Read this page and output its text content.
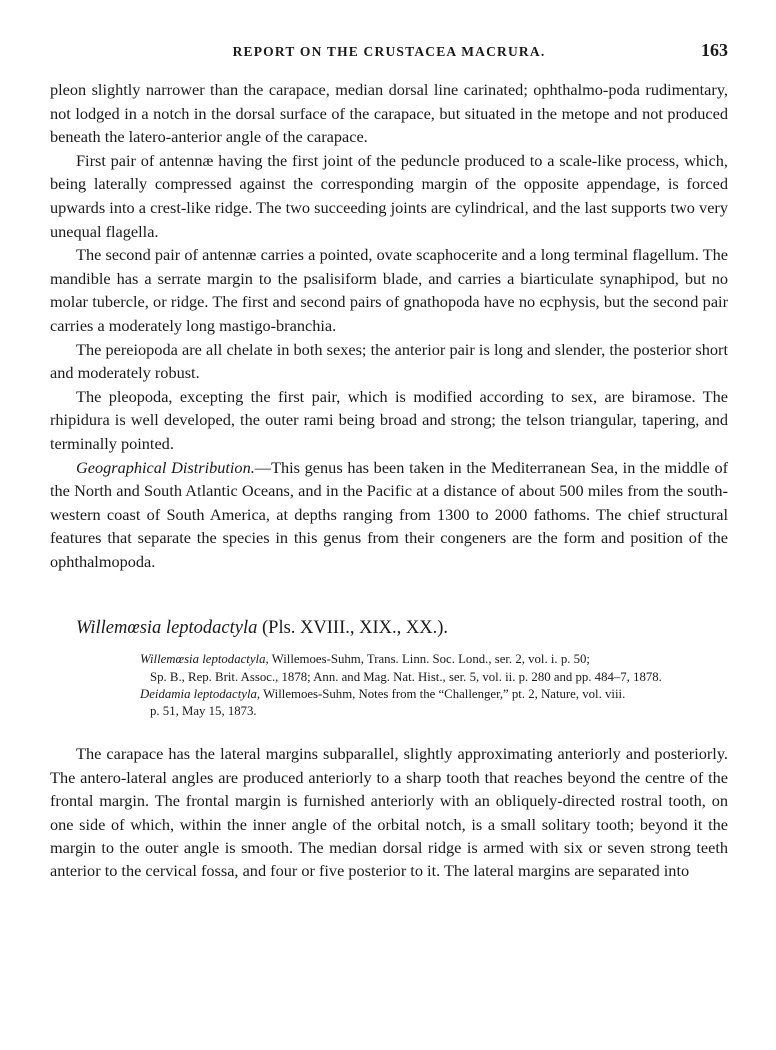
REPORT ON THE CRUSTACEA MACRURA.	163

pleon slightly narrower than the carapace, median dorsal line carinated; ophthalmo-poda rudimentary, not lodged in a notch in the dorsal surface of the carapace, but situated in the metope and not produced beneath the latero-anterior angle of the carapace.

First pair of antennæ having the first joint of the peduncle produced to a scale-like process, which, being laterally compressed against the corresponding margin of the opposite appendage, is forced upwards into a crest-like ridge. The two succeeding joints are cylindrical, and the last supports two very unequal flagella.

The second pair of antennæ carries a pointed, ovate scaphocerite and a long terminal flagellum. The mandible has a serrate margin to the psalisiform blade, and carries a biarticulate synaphipod, but no molar tubercle, or ridge. The first and second pairs of gnathopoda have no ecphysis, but the second pair carries a moderately long mastigo-branchia.

The pereiopoda are all chelate in both sexes; the anterior pair is long and slender, the posterior short and moderately robust.

The pleopoda, excepting the first pair, which is modified according to sex, are biramose. The rhipidura is well developed, the outer rami being broad and strong; the telson triangular, tapering, and terminally pointed.

Geographical Distribution.—This genus has been taken in the Mediterranean Sea, in the middle of the North and South Atlantic Oceans, and in the Pacific at a distance of about 500 miles from the south-western coast of South America, at depths ranging from 1300 to 2000 fathoms. The chief structural features that separate the species in this genus from their congeners are the form and position of the ophthalmopoda.

Willemœsia leptodactyla (Pls. XVIII., XIX., XX.).
Willemœsia leptodactyla, Willemoes-Suhm, Trans. Linn. Soc. Lond., ser. 2, vol. i. p. 50;
Sp. B., Rep. Brit. Assoc., 1878; Ann. and Mag. Nat. Hist., ser. 5, vol. ii. p. 280 and pp. 484–7, 1878.
Deidamia leptodactyla, Willemoes-Suhm, Notes from the “Challenger,” pt. 2, Nature, vol. viii.
p. 51, May 15, 1873.

The carapace has the lateral margins subparallel, slightly approximating anteriorly and posteriorly. The antero-lateral angles are produced anteriorly to a sharp tooth that reaches beyond the centre of the frontal margin. The frontal margin is furnished anteriorly with an obliquely-directed rostral tooth, on one side of which, within the inner angle of the orbital notch, is a small solitary tooth; beyond it the margin to the outer angle is smooth. The median dorsal ridge is armed with six or seven strong teeth anterior to the cervical fossa, and four or five posterior to it. The lateral margins are separated into
